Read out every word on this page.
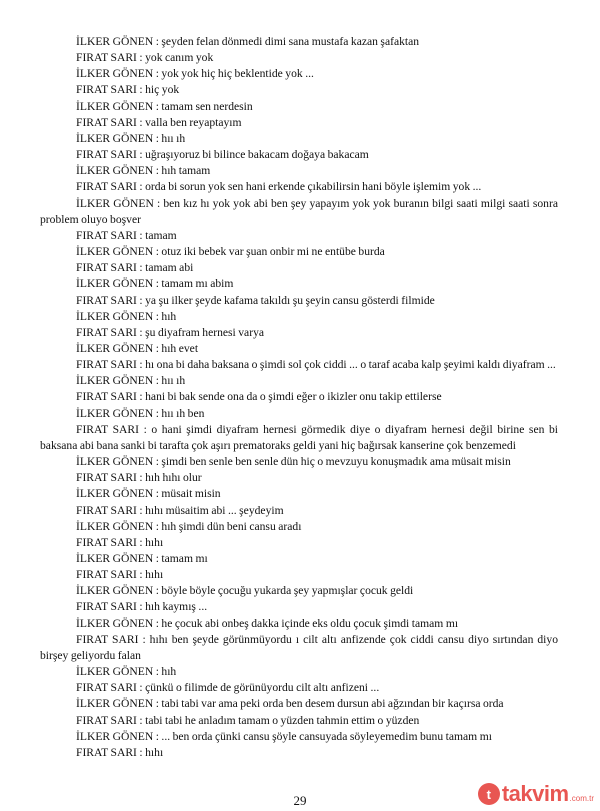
İLKER GÖNEN : şeyden felan dönmedi dimi sana mustafa kazan şafaktan

FIRAT SARI : yok canım yok

İLKER GÖNEN : yok yok hiç hiç beklentide yok ...

FIRAT SARI : hiç yok

İLKER GÖNEN : tamam sen nerdesin

FIRAT SARI : valla ben reyaptayım

İLKER GÖNEN : hıı ıh

FIRAT SARI : uğraşıyoruz bi bilince bakacam doğaya bakacam

İLKER GÖNEN : hıh tamam

FIRAT SARI : orda bi sorun yok sen hani erkende çıkabilirsin hani böyle işlemim yok ...

İLKER GÖNEN : ben kız hı yok yok abi ben şey yapayım yok yok buranın bilgi saati milgi saati sonra problem oluyo boşver

FIRAT SARI : tamam

İLKER GÖNEN : otuz iki bebek var şuan onbir mi ne entübe burda

FIRAT SARI : tamam abi

İLKER GÖNEN : tamam mı abim

FIRAT SARI : ya şu ilker şeyde kafama takıldı şu şeyin cansu gösterdi filmide

İLKER GÖNEN : hıh

FIRAT SARI : şu diyafram hernesi varya

İLKER GÖNEN : hıh evet

FIRAT SARI : hı ona bi daha baksana o şimdi sol çok ciddi ... o taraf acaba kalp şeyimi kaldı diyafram ...

İLKER GÖNEN : hıı ıh

FIRAT SARI : hani bi bak sende ona da o şimdi eğer o ikizler onu takip ettilerse

İLKER GÖNEN : hıı ıh ben

FIRAT SARI : o hani şimdi diyafram hernesi görmedik diye o diyafram hernesi değil birine sen bi baksana abi bana sanki bi tarafta çok aşırı prematoraks geldi yani hiç bağırsak kanserine çok benzemedi

İLKER GÖNEN : şimdi ben senle ben senle dün hiç o mevzuyu konuşmadık ama müsait misin

FIRAT SARI : hıh hıhı olur

İLKER GÖNEN : müsait misin

FIRAT SARI : hıhı müsaitim abi ... şeydeyim

İLKER GÖNEN : hıh şimdi dün beni cansu aradı

FIRAT SARI : hıhı

İLKER GÖNEN : tamam mı

FIRAT SARI : hıhı

İLKER GÖNEN : böyle böyle çocuğu yukarda şey yapmışlar çocuk geldi

FIRAT SARI : hıh kaymış ...

İLKER GÖNEN : he çocuk abi onbeş dakka içinde eks oldu çocuk şimdi tamam mı

FIRAT SARI : hıhı ben şeyde görünmüyordu ı cilt altı anfizende çok ciddi cansu diyo sırtından diyo birşey geliyordu falan

İLKER GÖNEN : hıh

FIRAT SARI : çünkü o filimde de görünüyordu cilt altı anfizeni ...

İLKER GÖNEN : tabi tabi var ama peki orda ben desem dursun abi ağzından bir kaçırsa orda

FIRAT SARI : tabi tabi he anladım tamam o yüzden tahmin ettim o yüzden

İLKER GÖNEN : ... ben orda çünki cansu şöyle cansuyada söyleyemedim bunu tamam mı

FIRAT SARI : hıhı

29	t takvim .com.tr
